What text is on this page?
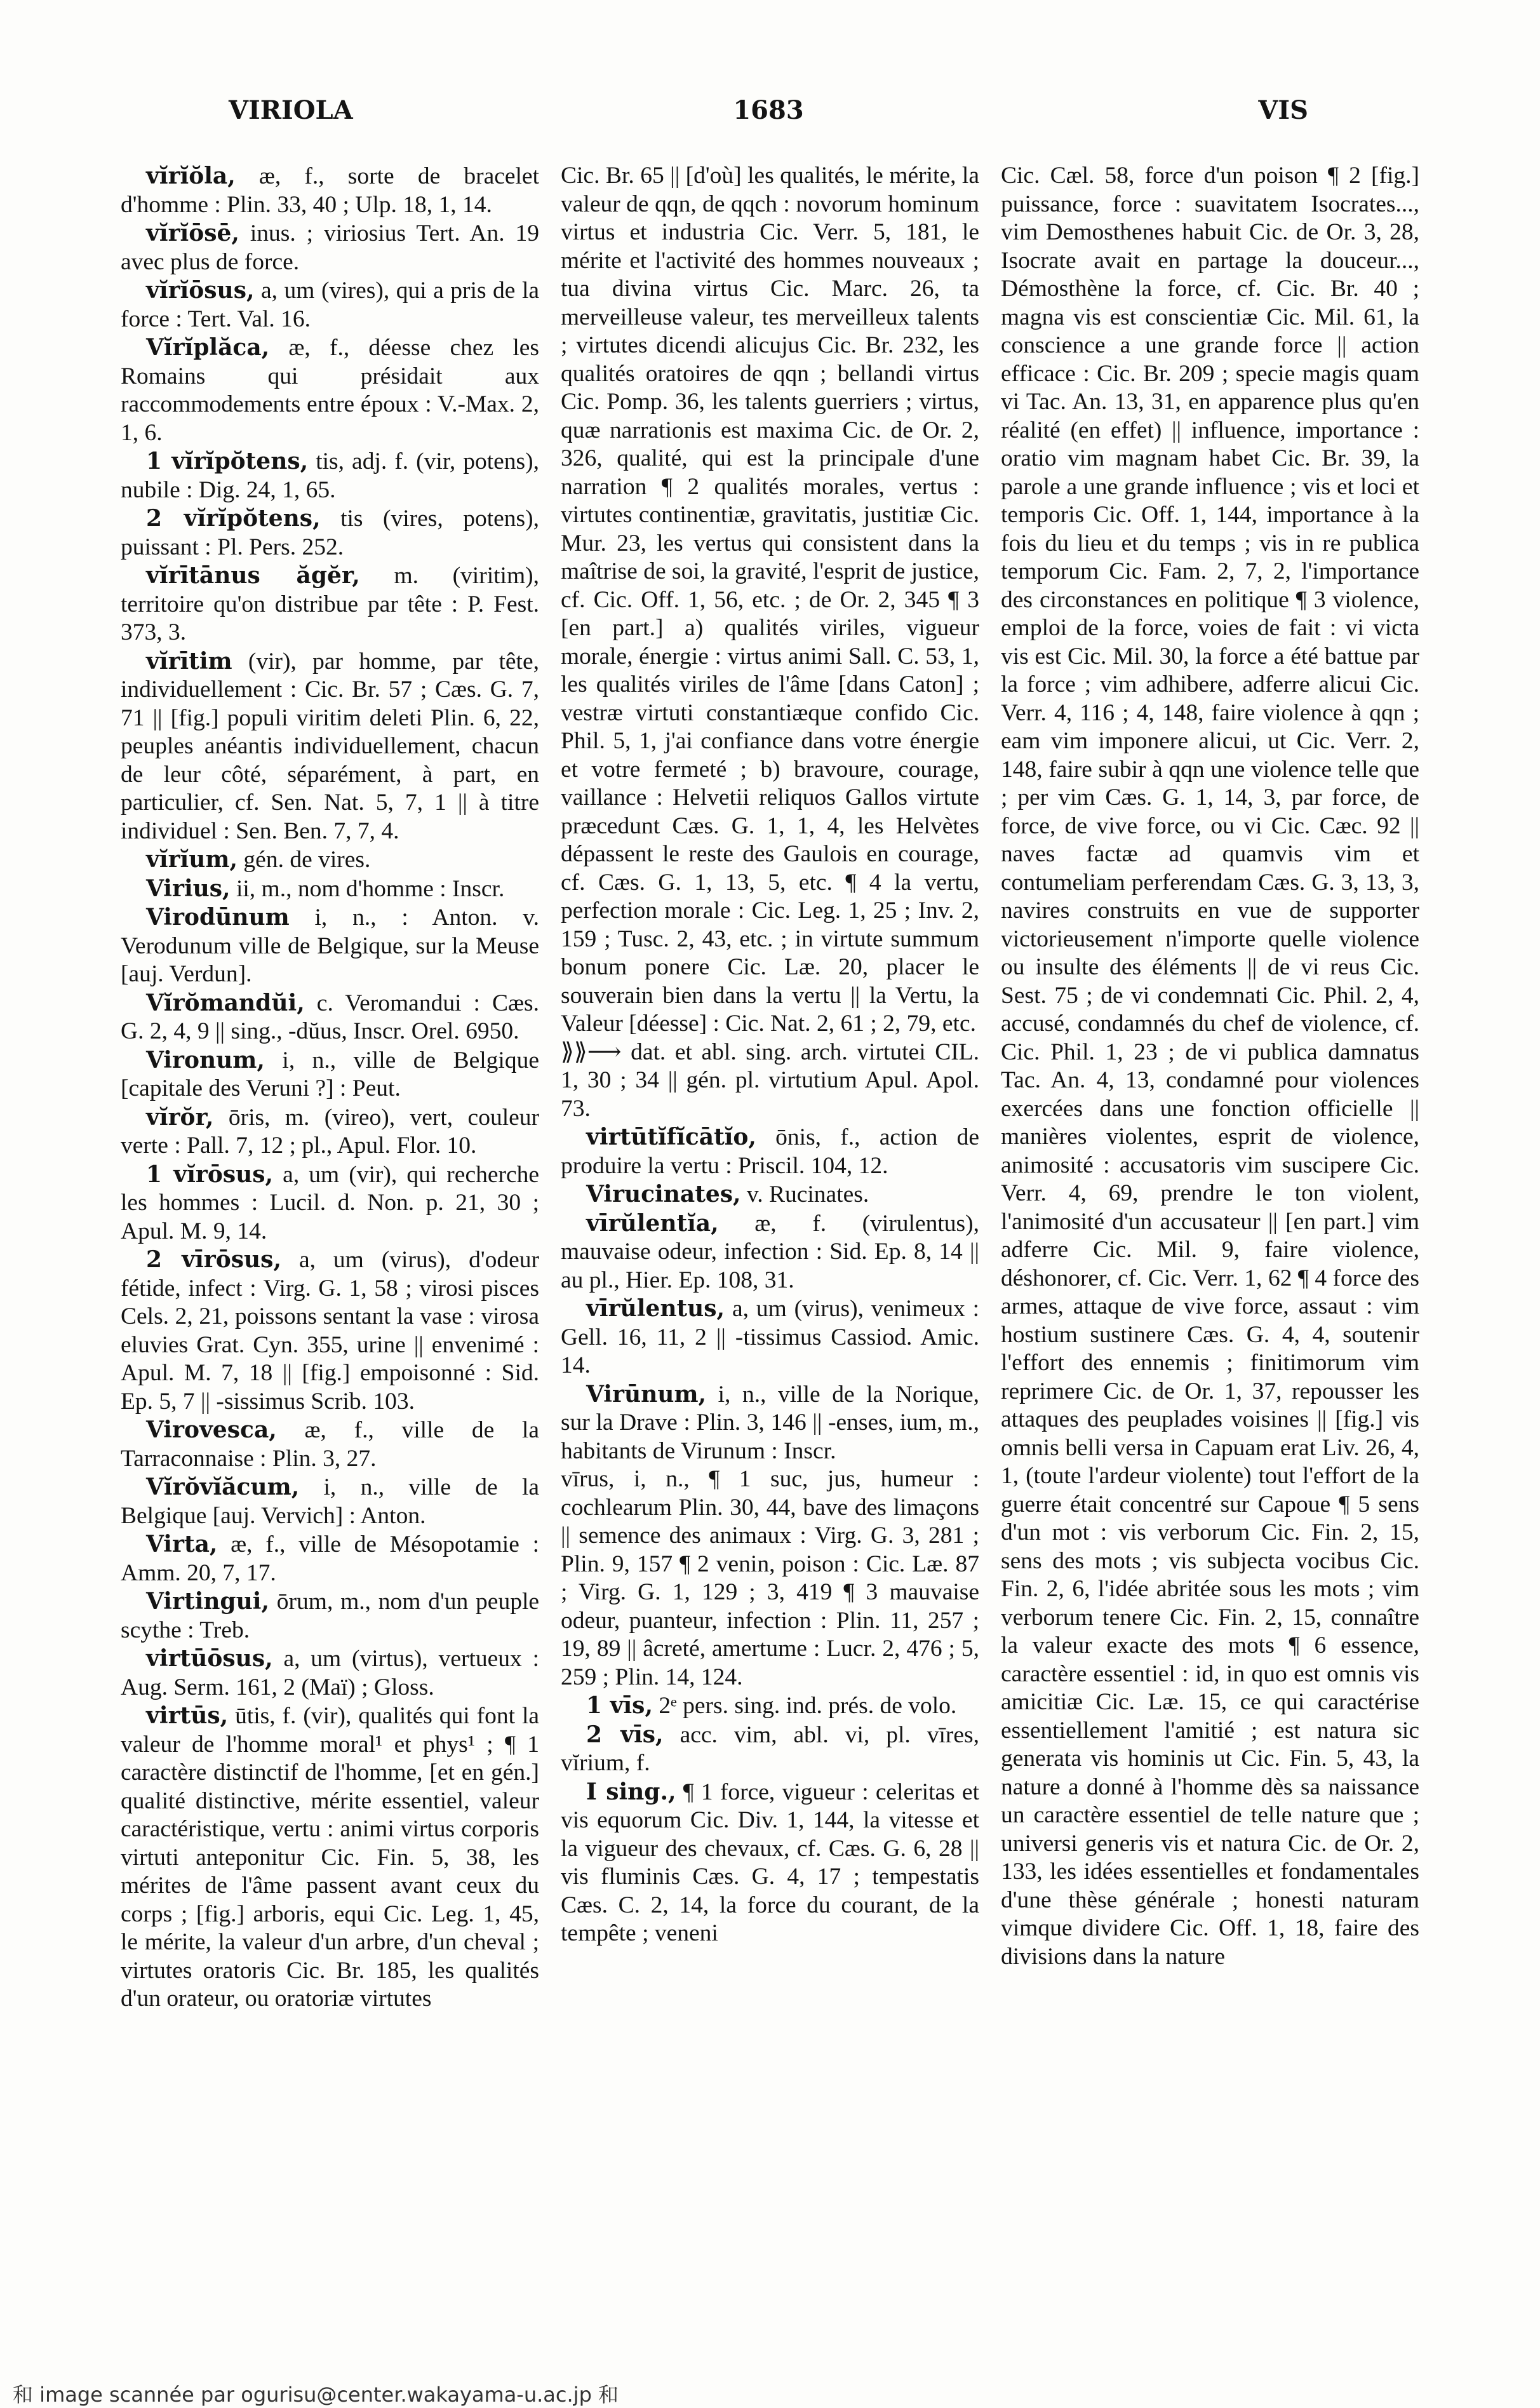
VIRIOLA	1683	VIS

vĭrĭŏla, æ, f., sorte de bracelet d'homme : Plin. 33, 40 ; Ulp. 18, 1, 14.

vĭrĭōsē, inus. ; viriosius Tert. An. 19 avec plus de force.

vĭrĭōsus, a, um (vires), qui a pris de la force : Tert. Val. 16.

Vĭrĭplăca, æ, f., déesse chez les Romains qui présidait aux raccommodements entre époux : V.-Max. 2, 1, 6.

1 vĭrĭpŏtens, tis, adj. f. (vir, potens), nubile : Dig. 24, 1, 65.

2 vĭrĭpŏtens, tis (vires, potens), puissant : Pl. Pers. 252.

vĭrītānus ăgĕr, m. (viritim), territoire qu'on distribue par tête : P. Fest. 373, 3.

vĭrītim (vir), par homme, par tête, individuellement : Cic. Br. 57 ; Cæs. G. 7, 71 || [fig.] populi viritim deleti Plin. 6, 22, peuples anéantis individuellement, chacun de leur côté, séparément, à part, en particulier, cf. Sen. Nat. 5, 7, 1 || à titre individuel : Sen. Ben. 7, 7, 4.

vĭrĭum, gén. de vires.

Virius, ii, m., nom d'homme : Inscr.

Virodūnum i, n., : Anton. v. Verodunum ville de Belgique, sur la Meuse [auj. Verdun].

Vĭrŏmandŭi, c. Veromandui : Cæs. G. 2, 4, 9 || sing., -dŭus, Inscr. Orel. 6950.

Vironum, i, n., ville de Belgique [capitale des Veruni ?] : Peut.

vĭrŏr, ōris, m. (vireo), vert, couleur verte : Pall. 7, 12 ; pl., Apul. Flor. 10.

1 vĭrōsus, a, um (vir), qui recherche les hommes : Lucil. d. Non. p. 21, 30 ; Apul. M. 9, 14.

2 vīrōsus, a, um (virus), d'odeur fétide, infect : Virg. G. 1, 58 ; virosi pisces Cels. 2, 21, poissons sentant la vase : virosa eluvies Grat. Cyn. 355, urine || envenimé : Apul. M. 7, 18 || [fig.] empoisonné : Sid. Ep. 5, 7 || -sissimus Scrib. 103.

Virovesca, æ, f., ville de la Tarraconnaise : Plin. 3, 27.

Vĭrŏvĭăcum, i, n., ville de la Belgique [auj. Vervich] : Anton.

Virta, æ, f., ville de Mésopotamie : Amm. 20, 7, 17.

Virtingui, ōrum, m., nom d'un peuple scythe : Treb.

virtūōsus, a, um (virtus), vertueux : Aug. Serm. 161, 2 (Maï) ; Gloss.

virtūs, ūtis, f. (vir), qualités qui font la valeur de l'homme moral¹ et phys¹ ; ¶ 1 caractère distinctif de l'homme, [et en gén.] qualité distinctive, mérite essentiel, valeur caractéristique, vertu : animi virtus corporis virtuti anteponitur Cic. Fin. 5, 38, les mérites de l'âme passent avant ceux du corps ; [fig.] arboris, equi Cic. Leg. 1, 45, le mérite, la valeur d'un arbre, d'un cheval ; virtutes oratoris Cic. Br. 185, les qualités d'un orateur, ou oratoriæ virtutes

Cic. Br. 65 || [d'où] les qualités, le mérite, la valeur de qqn, de qqch : novorum hominum virtus et industria Cic. Verr. 5, 181, le mérite et l'activité des hommes nouveaux ; tua divina virtus Cic. Marc. 26, ta merveilleuse valeur, tes merveilleux talents ; virtutes dicendi alicujus Cic. Br. 232, les qualités oratoires de qqn ; bellandi virtus Cic. Pomp. 36, les talents guerriers ; virtus, quæ narrationis est maxima Cic. de Or. 2, 326, qualité, qui est la principale d'une narration ¶ 2 qualités morales, vertus : virtutes continentiæ, gravitatis, justitiæ Cic. Mur. 23, les vertus qui consistent dans la maîtrise de soi, la gravité, l'esprit de justice, cf. Cic. Off. 1, 56, etc. ; de Or. 2, 345 ¶ 3 [en part.] a) qualités viriles, vigueur morale, énergie : virtus animi Sall. C. 53, 1, les qualités viriles de l'âme [dans Caton] ; vestræ virtuti constantiæque confido Cic. Phil. 5, 1, j'ai confiance dans votre énergie et votre fermeté ; b) bravoure, courage, vaillance : Helvetii reliquos Gallos virtute præcedunt Cæs. G. 1, 1, 4, les Helvètes dépassent le reste des Gaulois en courage, cf. Cæs. G. 1, 13, 5, etc. ¶ 4 la vertu, perfection morale : Cic. Leg. 1, 25 ; Inv. 2, 159 ; Tusc. 2, 43, etc. ; in virtute summum bonum ponere Cic. Læ. 20, placer le souverain bien dans la vertu || la Vertu, la Valeur [déesse] : Cic. Nat. 2, 61 ; 2, 79, etc.

⟫⟫⟶ dat. et abl. sing. arch. virtutei CIL. 1, 30 ; 34 || gén. pl. virtutium Apul. Apol. 73.

virtūtĭfĭcātĭo, ōnis, f., action de produire la vertu : Priscil. 104, 12.

Virucinates, v. Rucinates.

vīrŭlentĭa, æ, f. (virulentus), mauvaise odeur, infection : Sid. Ep. 8, 14 || au pl., Hier. Ep. 108, 31.

vīrŭlentus, a, um (virus), venimeux : Gell. 16, 11, 2 || -tissimus Cassiod. Amic. 14.

Virūnum, i, n., ville de la Norique, sur la Drave : Plin. 3, 146 || -enses, ium, m., habitants de Virunum : Inscr.

vīrus, i, n., ¶ 1 suc, jus, humeur : cochlearum Plin. 30, 44, bave des limaçons || semence des animaux : Virg. G. 3, 281 ; Plin. 9, 157 ¶ 2 venin, poison : Cic. Læ. 87 ; Virg. G. 1, 129 ; 3, 419 ¶ 3 mauvaise odeur, puanteur, infection : Plin. 11, 257 ; 19, 89 || âcreté, amertume : Lucr. 2, 476 ; 5, 259 ; Plin. 14, 124.

1 vīs, 2ᵉ pers. sing. ind. prés. de volo.

2 vīs, acc. vim, abl. vi, pl. vīres, vĭrium, f.

I sing., ¶ 1 force, vigueur : celeritas et vis equorum Cic. Div. 1, 144, la vitesse et la vigueur des chevaux, cf. Cæs. G. 6, 28 || vis fluminis Cæs. G. 4, 17 ; tempestatis Cæs. C. 2, 14, la force du courant, de la tempête ; veneni

Cic. Cæl. 58, force d'un poison ¶ 2 [fig.] puissance, force : suavitatem Isocrates..., vim Demosthenes habuit Cic. de Or. 3, 28, Isocrate avait en partage la douceur..., Démosthène la force, cf. Cic. Br. 40 ; magna vis est conscientiæ Cic. Mil. 61, la conscience a une grande force || action efficace : Cic. Br. 209 ; specie magis quam vi Tac. An. 13, 31, en apparence plus qu'en réalité (en effet) || influence, importance : oratio vim magnam habet Cic. Br. 39, la parole a une grande influence ; vis et loci et temporis Cic. Off. 1, 144, importance à la fois du lieu et du temps ; vis in re publica temporum Cic. Fam. 2, 7, 2, l'importance des circonstances en politique ¶ 3 violence, emploi de la force, voies de fait : vi victa vis est Cic. Mil. 30, la force a été battue par la force ; vim adhibere, adferre alicui Cic. Verr. 4, 116 ; 4, 148, faire violence à qqn ; eam vim imponere alicui, ut Cic. Verr. 2, 148, faire subir à qqn une violence telle que ; per vim Cæs. G. 1, 14, 3, par force, de force, de vive force, ou vi Cic. Cæc. 92 || naves factæ ad quamvis vim et contumeliam perferendam Cæs. G. 3, 13, 3, navires construits en vue de supporter victorieusement n'importe quelle violence ou insulte des éléments || de vi reus Cic. Sest. 75 ; de vi condemnati Cic. Phil. 2, 4, accusé, condamnés du chef de violence, cf. Cic. Phil. 1, 23 ; de vi publica damnatus Tac. An. 4, 13, condamné pour violences exercées dans une fonction officielle || manières violentes, esprit de violence, animosité : accusatoris vim suscipere Cic. Verr. 4, 69, prendre le ton violent, l'animosité d'un accusateur || [en part.] vim adferre Cic. Mil. 9, faire violence, déshonorer, cf. Cic. Verr. 1, 62 ¶ 4 force des armes, attaque de vive force, assaut : vim hostium sustinere Cæs. G. 4, 4, soutenir l'effort des ennemis ; finitimorum vim reprimere Cic. de Or. 1, 37, repousser les attaques des peuplades voisines || [fig.] vis omnis belli versa in Capuam erat Liv. 26, 4, 1, (toute l'ardeur violente) tout l'effort de la guerre était concentré sur Capoue ¶ 5 sens d'un mot : vis verborum Cic. Fin. 2, 15, sens des mots ; vis subjecta vocibus Cic. Fin. 2, 6, l'idée abritée sous les mots ; vim verborum tenere Cic. Fin. 2, 15, connaître la valeur exacte des mots ¶ 6 essence, caractère essentiel : id, in quo est omnis vis amicitiæ Cic. Læ. 15, ce qui caractérise essentiellement l'amitié ; est natura sic generata vis hominis ut Cic. Fin. 5, 43, la nature a donné à l'homme dès sa naissance un caractère essentiel de telle nature que ; universi generis vis et natura Cic. de Or. 2, 133, les idées essentielles et fondamentales d'une thèse générale ; honesti naturam vimque dividere Cic. Off. 1, 18, faire des divisions dans la nature

和 image scannée par ogurisu@center.wakayama-u.ac.jp 和
